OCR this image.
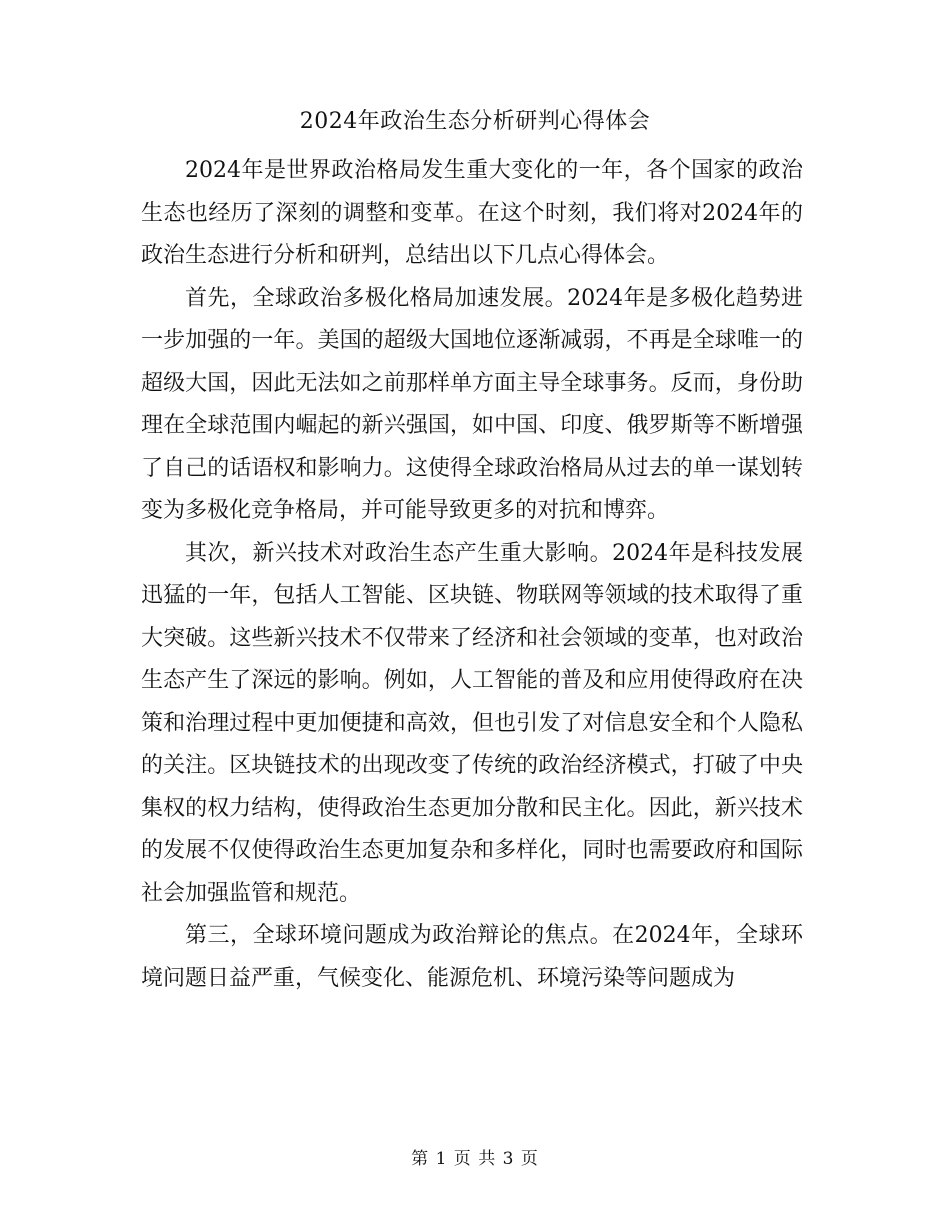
2024年政治生态分析研判心得体会

2024年是世界政治格局发生重大变化的一年，各个国家的政治生态也经历了深刻的调整和变革。在这个时刻，我们将对2024年的政治生态进行分析和研判，总结出以下几点心得体会。

首先，全球政治多极化格局加速发展。2024年是多极化趋势进一步加强的一年。美国的超级大国地位逐渐减弱，不再是全球唯一的超级大国，因此无法如之前那样单方面主导全球事务。反而，身份助理在全球范围内崛起的新兴强国，如中国、印度、俄罗斯等不断增强了自己的话语权和影响力。这使得全球政治格局从过去的单一谋划转变为多极化竞争格局，并可能导致更多的对抗和博弈。

其次，新兴技术对政治生态产生重大影响。2024年是科技发展迅猛的一年，包括人工智能、区块链、物联网等领域的技术取得了重大突破。这些新兴技术不仅带来了经济和社会领域的变革，也对政治生态产生了深远的影响。例如，人工智能的普及和应用使得政府在决策和治理过程中更加便捷和高效，但也引发了对信息安全和个人隐私的关注。区块链技术的出现改变了传统的政治经济模式，打破了中央集权的权力结构，使得政治生态更加分散和民主化。因此，新兴技术的发展不仅使得政治生态更加复杂和多样化，同时也需要政府和国际社会加强监管和规范。

第三，全球环境问题成为政治辩论的焦点。在2024年，全球环境问题日益严重，气候变化、能源危机、环境污染等问题成为

第 1 页 共 3 页
